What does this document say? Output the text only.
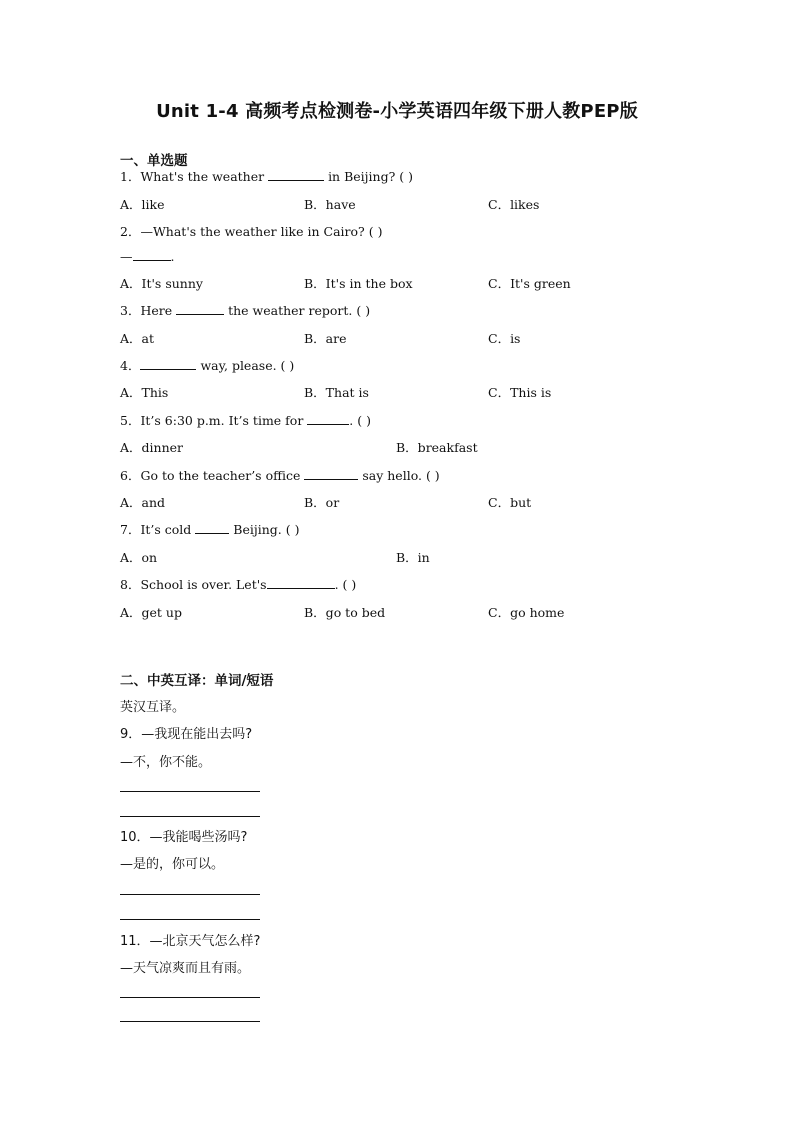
Unit 1-4 高频考点检测卷-小学英语四年级下册人教PEP版
一、单选题
1．What's the weather	in Beijing? ( )
A．like	B．have	C．likes
2．—What's the weather like in Cairo? ( )
—	.
A．It's sunny	B．It's in the box	C．It's green
3．Here	the weather report. ( )
A．at	B．are	C．is
4．	way, please. ( )
A．This	B．That is	C．This is
5．It’s 6:30 p.m. It’s time for	. ( )
A．dinner	B．breakfast
6．Go to the teacher’s office	say hello. ( )
A．and	B．or	C．but
7．It’s cold	Beijing. ( )
A．on	B．in
8．School is over. Let's	. ( )
A．get up	B．go to bed	C．go home
二、中英互译：单词/短语
英汉互译。
9．—我现在能出去吗?
—不，你不能。
10．—我能喝些汤吗?
—是的，你可以。
11．—北京天气怎么样?
—天气凉爽而且有雨。
